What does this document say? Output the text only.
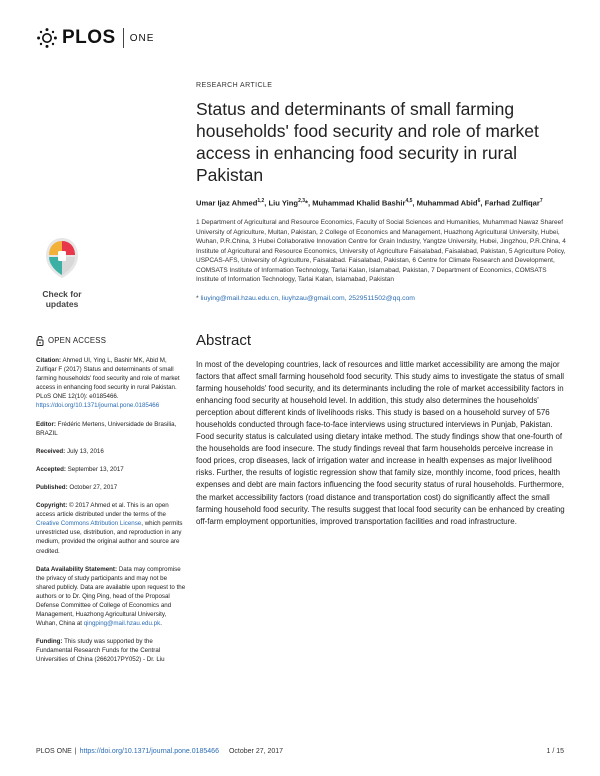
PLOS ONE
Check for
updates
OPEN ACCESS

Citation: Ahmed UI, Ying L, Bashir MK, Abid M, Zulfiqar F (2017) Status and determinants of small farming households' food security and role of market access in enhancing food security in rural Pakistan. PLoS ONE 12(10): e0185466. https://doi.org/10.1371/journal.pone.0185466

Editor: Frédéric Mertens, Universidade de Brasilia, BRAZIL

Received: July 13, 2016

Accepted: September 13, 2017

Published: October 27, 2017

Copyright: © 2017 Ahmed et al. This is an open access article distributed under the terms of the Creative Commons Attribution License, which permits unrestricted use, distribution, and reproduction in any medium, provided the original author and source are credited.

Data Availability Statement: Data may compromise the privacy of study participants and may not be shared publicly. Data are available upon request to the authors or to Dr. Qing Ping, head of the Proposal Defense Committee of College of Economics and Management, Huazhong Agricultural University, Wuhan, China at qingping@mail.hzau.edu.pk.

Funding: This study was supported by the Fundamental Research Funds for the Central Universities of China (2662017PY052) - Dr. Liu

RESEARCH ARTICLE
Status and determinants of small farming households' food security and role of market access in enhancing food security in rural Pakistan
Umar Ijaz Ahmed$^{1,2}$, Liu Ying$^{2,3}$*, Muhammad Khalid Bashir$^{4,5}$, Muhammad Abid$^6$, Farhad Zulfiqar$^7$
1 Department of Agricultural and Resource Economics, Faculty of Social Sciences and Humanities, Muhammad Nawaz Shareef University of Agriculture, Multan, Pakistan, 2 College of Economics and Management, Huazhong Agricultural University, Hubei, Wuhan, P.R.China, 3 Hubei Collaborative Innovation Centre for Grain Industry, Yangtze University, Hubei, Jingzhou, P.R.China, 4 Institute of Agricultural and Resource Economics, University of Agriculture Faisalabad, Faisalabad, Pakistan, 5 Agriculture Policy, USPCAS-AFS, University of Agriculture, Faisalabad. Faisalabad, Pakistan, 6 Centre for Climate Research and Development, COMSATS Institute of Information Technology, Tarlai Kalan, Islamabad, Pakistan, 7 Department of Economics, COMSATS Institute of Information Technology, Tarlai Kalan, Islamabad, Pakistan
* liuying@mail.hzau.edu.cn, liuyhzau@gmail.com, 2529511502@qq.com
Abstract
In most of the developing countries, lack of resources and little market accessibility are among the major factors that affect small farming household food security. This study aims to investigate the status of small farming households' food security, and its determinants including the role of market accessibility factors in enhancing food security at household level. In addition, this study also determines the households' perception about different kinds of livelihoods risks. This study is based on a household survey of 576 households conducted through face-to-face interviews using structured interviews in Punjab, Pakistan. Food security status is calculated using dietary intake method. The study findings show that one-fourth of the households are food insecure. The study findings reveal that farm households perceive increase in food prices, crop diseases, lack of irrigation water and increase in health expenses as major livelihood risks. Further, the results of logistic regression show that family size, monthly income, food prices, health expenses and debt are main factors influencing the food security status of rural households. Furthermore, the market accessibility factors (road distance and transportation cost) do significantly affect the small farming household food security. The results suggest that local food security can be enhanced by creating off-farm employment opportunities, improved transportation facilities and road infrastructure.
PLOS ONE | https://doi.org/10.1371/journal.pone.0185466 October 27, 2017	1 / 15
